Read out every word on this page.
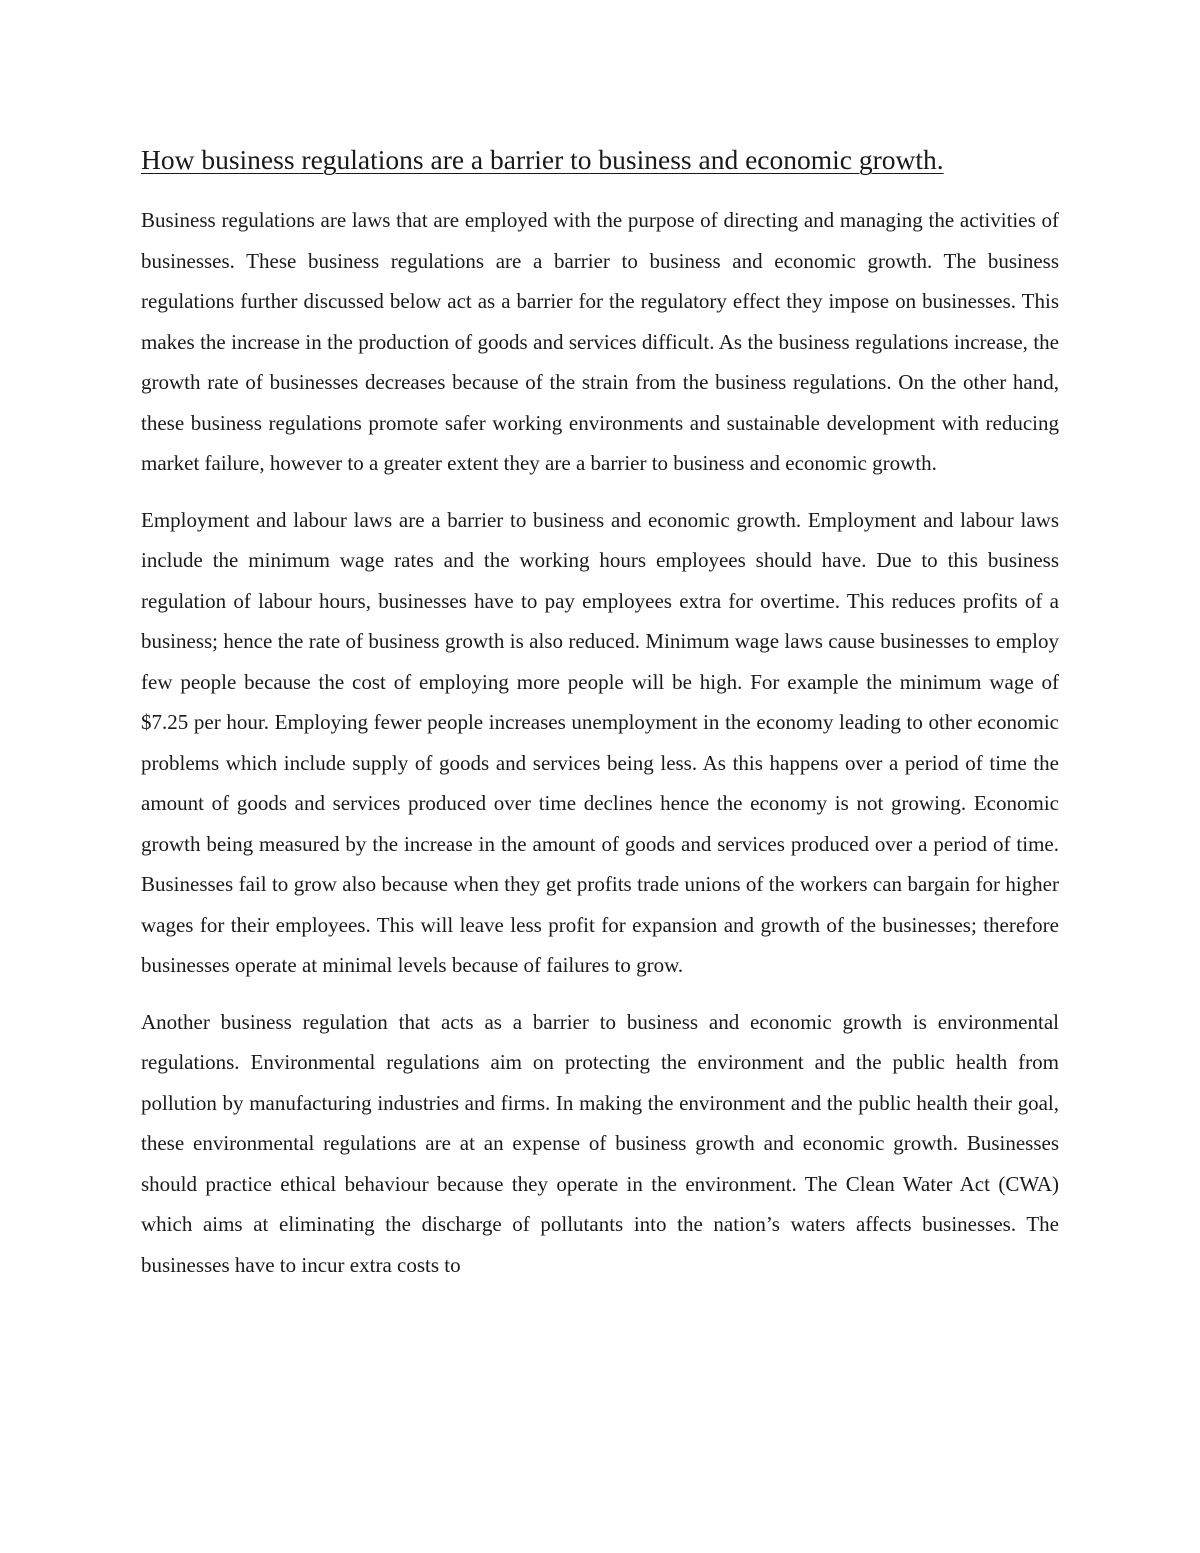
How business regulations are a barrier to business and economic growth.

Business regulations are laws that are employed with the purpose of directing and managing the activities of businesses. These business regulations are a barrier to business and economic growth. The business regulations further discussed below act as a barrier for the regulatory effect they impose on businesses. This makes the increase in the production of goods and services difficult. As the business regulations increase, the growth rate of businesses decreases because of the strain from the business regulations. On the other hand, these business regulations promote safer working environments and sustainable development with reducing market failure, however to a greater extent they are a barrier to business and economic growth.

Employment and labour laws are a barrier to business and economic growth. Employment and labour laws include the minimum wage rates and the working hours employees should have. Due to this business regulation of labour hours, businesses have to pay employees extra for overtime. This reduces profits of a business; hence the rate of business growth is also reduced. Minimum wage laws cause businesses to employ few people because the cost of employing more people will be high. For example the minimum wage of $7.25 per hour. Employing fewer people increases unemployment in the economy leading to other economic problems which include supply of goods and services being less. As this happens over a period of time the amount of goods and services produced over time declines hence the economy is not growing. Economic growth being measured by the increase in the amount of goods and services produced over a period of time. Businesses fail to grow also because when they get profits trade unions of the workers can bargain for higher wages for their employees. This will leave less profit for expansion and growth of the businesses; therefore businesses operate at minimal levels because of failures to grow.

Another business regulation that acts as a barrier to business and economic growth is environmental regulations. Environmental regulations aim on protecting the environment and the public health from pollution by manufacturing industries and firms. In making the environment and the public health their goal, these environmental regulations are at an expense of business growth and economic growth. Businesses should practice ethical behaviour because they operate in the environment. The Clean Water Act (CWA) which aims at eliminating the discharge of pollutants into the nation’s waters affects businesses. The businesses have to incur extra costs to
